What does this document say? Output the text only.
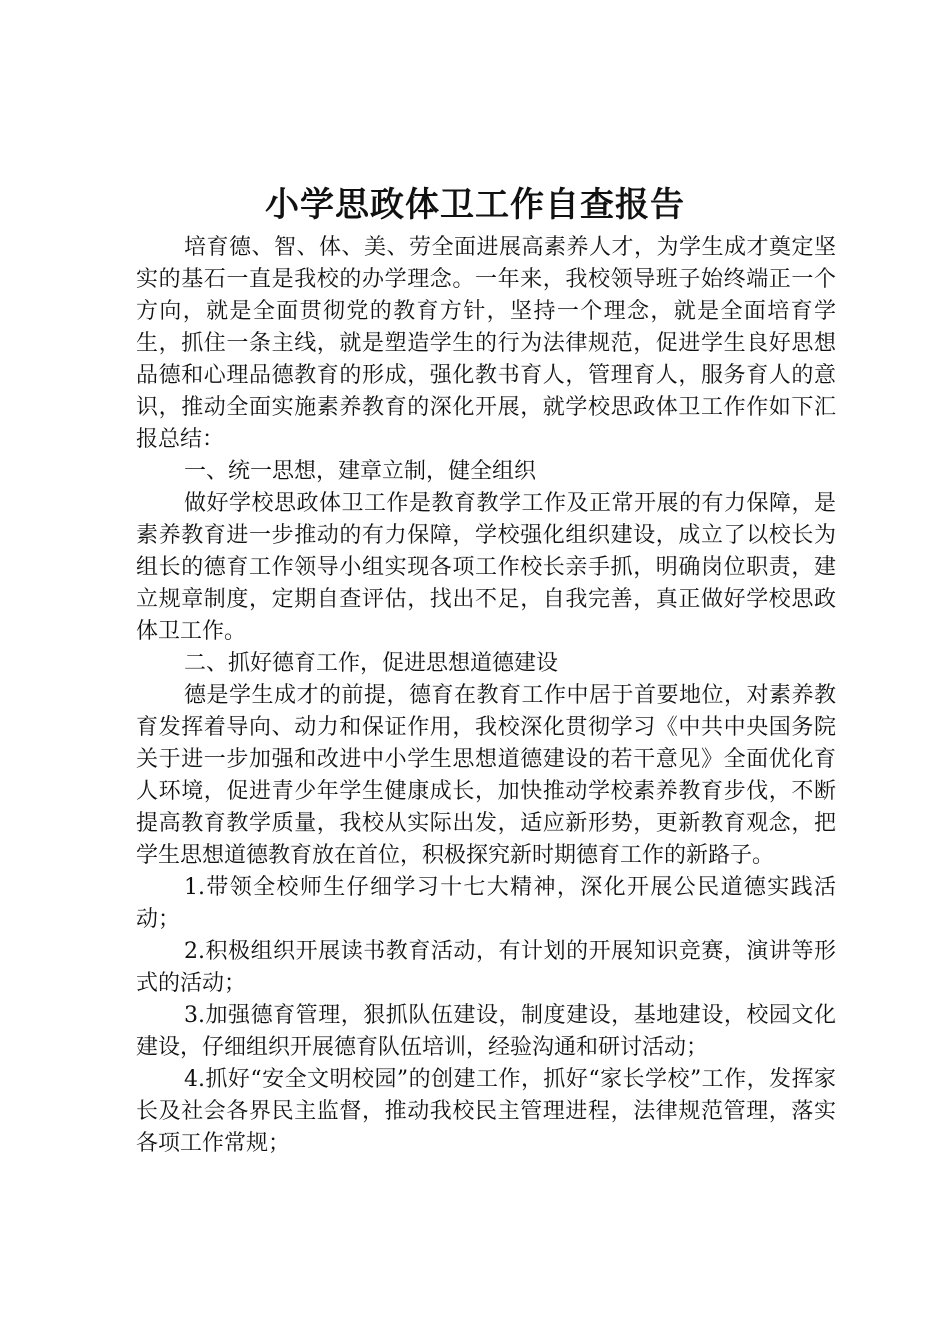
小学思政体卫工作自查报告

培育德、智、体、美、劳全面进展高素养人才，为学生成才奠定坚实的基石一直是我校的办学理念。一年来，我校领导班子始终端正一个方向，就是全面贯彻党的教育方针，坚持一个理念，就是全面培育学生，抓住一条主线，就是塑造学生的行为法律规范，促进学生良好思想品德和心理品德教育的形成，强化教书育人，管理育人，服务育人的意识，推动全面实施素养教育的深化开展，就学校思政体卫工作作如下汇报总结：

一、统一思想，建章立制，健全组织

做好学校思政体卫工作是教育教学工作及正常开展的有力保障，是素养教育进一步推动的有力保障，学校强化组织建设，成立了以校长为组长的德育工作领导小组实现各项工作校长亲手抓，明确岗位职责，建立规章制度，定期自查评估，找出不足，自我完善，真正做好学校思政体卫工作。

二、抓好德育工作，促进思想道德建设

德是学生成才的前提，德育在教育工作中居于首要地位，对素养教育发挥着导向、动力和保证作用，我校深化贯彻学习《中共中央国务院关于进一步加强和改进中小学生思想道德建设的若干意见》全面优化育人环境，促进青少年学生健康成长，加快推动学校素养教育步伐，不断提高教育教学质量，我校从实际出发，适应新形势，更新教育观念，把学生思想道德教育放在首位，积极探究新时期德育工作的新路子。

1.带领全校师生仔细学习十七大精神，深化开展公民道德实践活动；

2.积极组织开展读书教育活动，有计划的开展知识竞赛，演讲等形式的活动；

3.加强德育管理，狠抓队伍建设，制度建设，基地建设，校园文化建设，仔细组织开展德育队伍培训，经验沟通和研讨活动；

4.抓好“安全文明校园”的创建工作，抓好“家长学校”工作，发挥家长及社会各界民主监督，推动我校民主管理进程，法律规范管理，落实各项工作常规；
